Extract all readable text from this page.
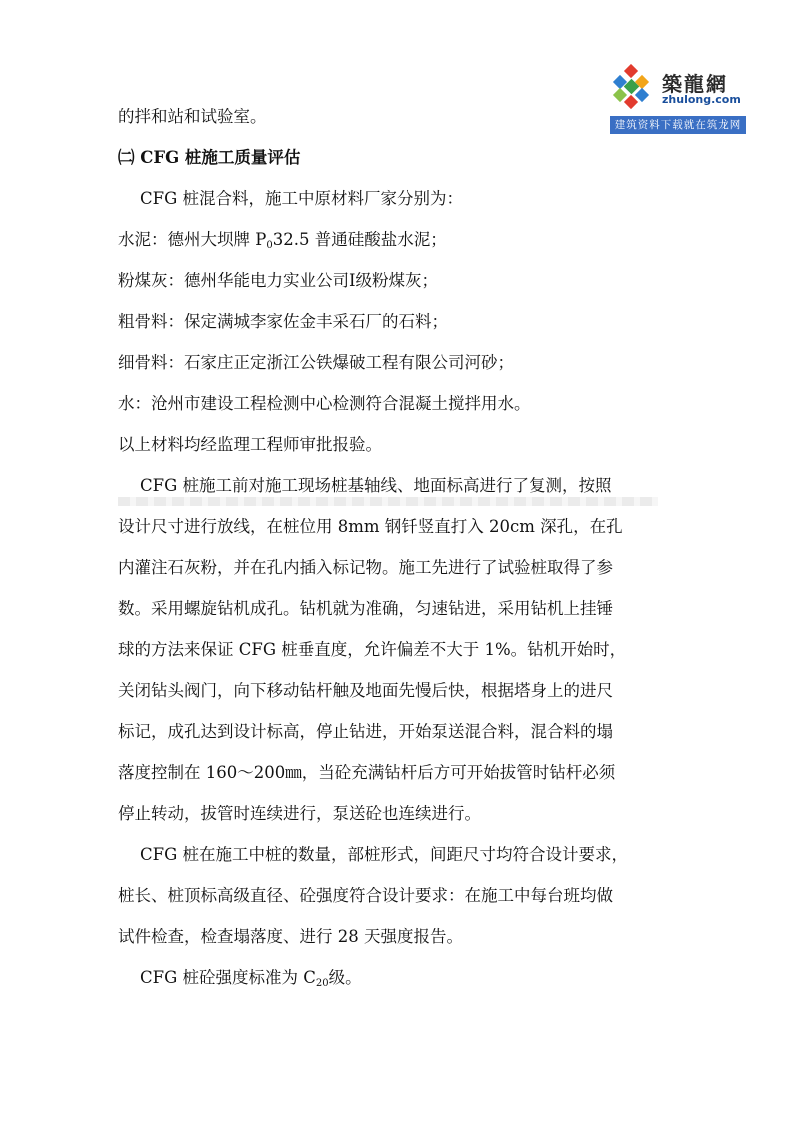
築龍網
zhulong.com
建筑资料下载就在筑龙网
的拌和站和试验室。
㈡ CFG 桩施工质量评估
CFG 桩混合料，施工中原材料厂家分别为：
水泥：德州大坝牌 $P_032.5$ 普通硅酸盐水泥；
粉煤灰：德州华能电力实业公司Ⅰ级粉煤灰；
粗骨料：保定满城李家佐金丰采石厂的石料；
细骨料：石家庄正定浙江公铁爆破工程有限公司河砂；
水：沧州市建设工程检测中心检测符合混凝土搅拌用水。
以上材料均经监理工程师审批报验。
CFG 桩施工前对施工现场桩基轴线、地面标高进行了复测，按照
设计尺寸进行放线，在桩位用 8mm 钢钎竖直打入 20cm 深孔，在孔
内灌注石灰粉，并在孔内插入标记物。施工先进行了试验桩取得了参
数。采用螺旋钻机成孔。钻机就为准确，匀速钻进，采用钻机上挂锤
球的方法来保证 CFG 桩垂直度，允许偏差不大于 1%。钻机开始时，
关闭钻头阀门，向下移动钻杆触及地面先慢后快，根据塔身上的进尺
标记，成孔达到设计标高，停止钻进，开始泵送混合料，混合料的塌
落度控制在 160～200㎜，当砼充满钻杆后方可开始拔管时钻杆必须
停止转动，拔管时连续进行，泵送砼也连续进行。
CFG 桩在施工中桩的数量，部桩形式，间距尺寸均符合设计要求，
桩长、桩顶标高级直径、砼强度符合设计要求：在施工中每台班均做
试件检查，检查塌落度、进行 28 天强度报告。
CFG 桩砼强度标准为 $C_{20}$级。
